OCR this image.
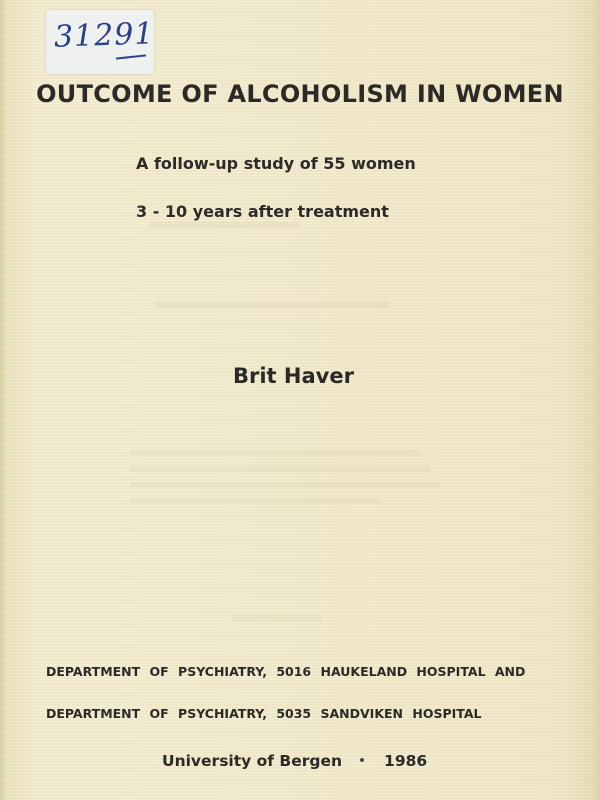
31291
OUTCOME OF ALCOHOLISM IN WOMEN
A follow-up study of 55 women
3 - 10 years after treatment
Brit Haver
DEPARTMENT OF PSYCHIATRY, 5016 HAUKELAND HOSPITAL AND
DEPARTMENT OF PSYCHIATRY, 5035 SANDVIKEN HOSPITAL
University of Bergen	1986
